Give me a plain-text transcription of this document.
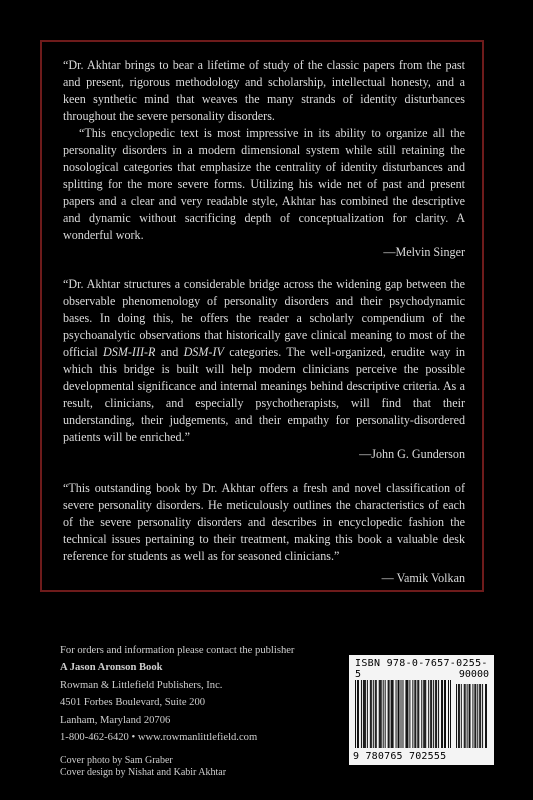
“Dr. Akhtar brings to bear a lifetime of study of the classic papers from the past and present, rigorous methodology and scholarship, intellectual honesty, and a keen synthetic mind that weaves the many strands of identity disturbances throughout the severe personality disorders.

“This encyclopedic text is most impressive in its ability to organize all the personality disorders in a modern dimensional system while still retaining the nosological categories that emphasize the centrality of identity disturbances and splitting for the more severe forms. Utilizing his wide net of past and present papers and a clear and very readable style, Akhtar has combined the descriptive and dynamic without sacrificing depth of conceptualization for clarity. A wonderful work.

—Melvin Singer

“Dr. Akhtar structures a considerable bridge across the widening gap between the observable phenomenology of personality disorders and their psychodynamic bases. In doing this, he offers the reader a scholarly compendium of the psychoanalytic observations that historically gave clinical meaning to most of the official DSM-III-R and DSM-IV categories. The well-organized, erudite way in which this bridge is built will help modern clinicians perceive the possible developmental significance and internal meanings behind descriptive criteria. As a result, clinicians, and especially psychotherapists, will find that their understanding, their judgements, and their empathy for personality-disordered patients will be enriched.”

—John G. Gunderson

“This outstanding book by Dr. Akhtar offers a fresh and novel classification of severe personality disorders. He meticulously outlines the characteristics of each of the severe personality disorders and describes in encyclopedic fashion the technical issues pertaining to their treatment, making this book a valuable desk reference for students as well as for seasoned clinicians.”

— Vamik Volkan

For orders and information please contact the publisher
A Jason Aronson Book
Rowman & Littlefield Publishers, Inc.
4501 Forbes Boulevard, Suite 200
Lanham, Maryland 20706
1-800-462-6420 • www.rowmanlittlefield.com
Cover photo by Sam Graber
Cover design by Nishat and Kabir Akhtar
ISBN 978-0-7657-0255-5	90000
9 780765 702555
